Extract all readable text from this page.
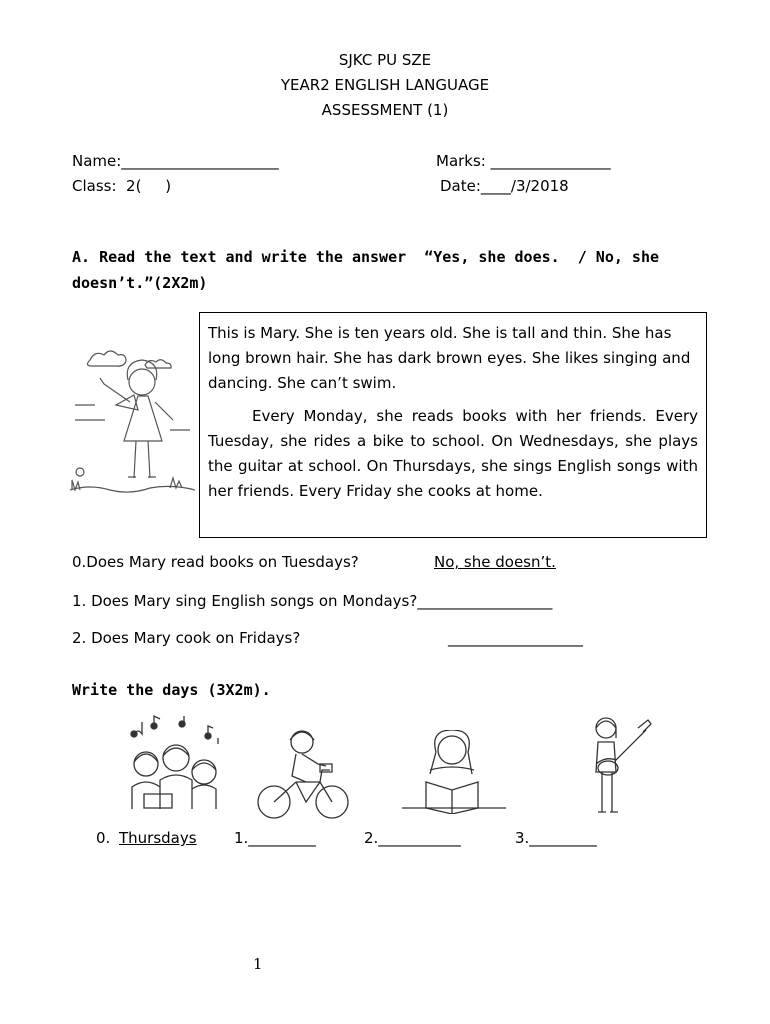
SJKC PU SZE
YEAR2 ENGLISH LANGUAGE
ASSESSMENT (1)
Name:_____________________	Marks: ________________
Class:  2(     )	Date:____/3/2018
A. Read the text and write the answer  “Yes, she does.  / No, she
doesn’t.”(2X2m)

This is Mary. She is ten years old. She is tall and thin. She has long brown hair. She has dark brown eyes. She likes singing and dancing. She can’t swim.

Every Monday, she reads books with her friends. Every Tuesday, she rides a bike to school. On Wednesdays, she plays the guitar at school. On Thursdays, she sings English songs with her friends. Every Friday she cooks at home.

0.Does Mary read books on Tuesdays?	No, she doesn’t.
1. Does Mary sing English songs on Mondays?__________________
2. Does Mary cook on Fridays?	__________________
Write the days (3X2m).
0. Thursdays 1._________	2.___________	3._________
1
